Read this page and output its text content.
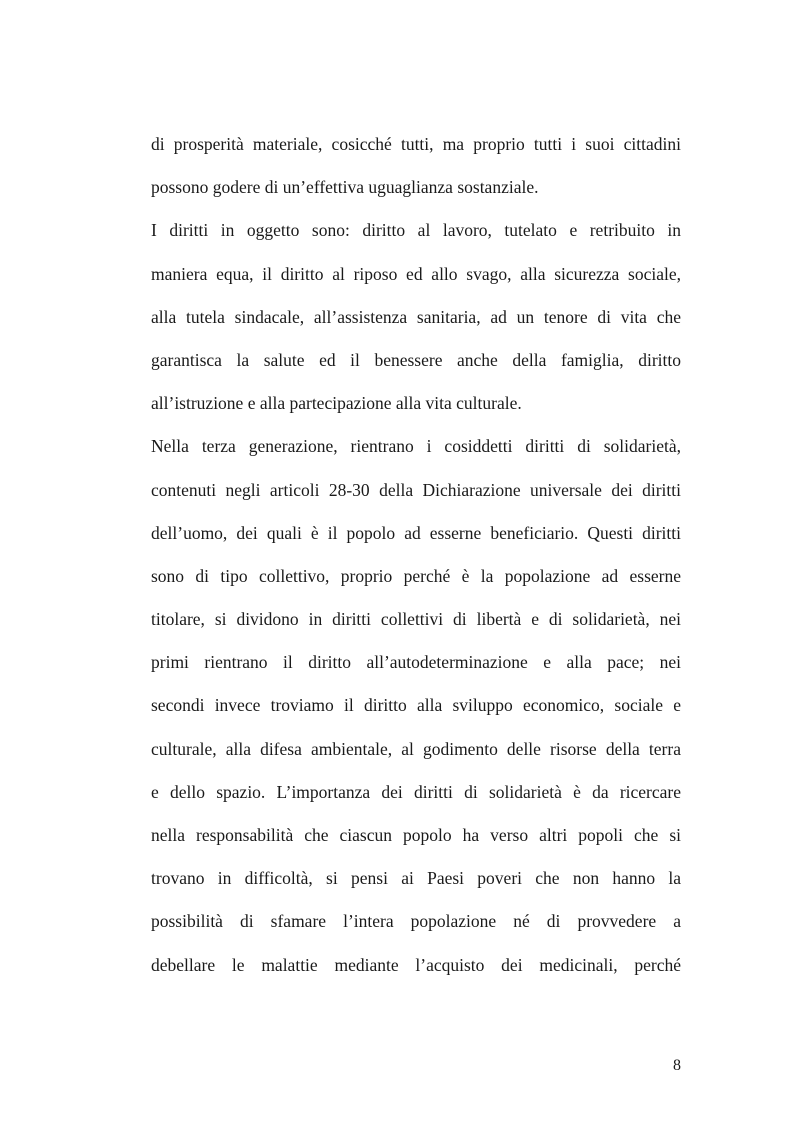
di prosperità materiale, cosicché tutti, ma proprio tutti i suoi cittadini
possono godere di un’effettiva uguaglianza sostanziale.
I diritti in oggetto sono: diritto al lavoro, tutelato e retribuito in
maniera equa, il diritto al riposo ed allo svago, alla sicurezza sociale,
alla tutela sindacale, all’assistenza sanitaria, ad un tenore di vita che
garantisca la salute ed il benessere anche della famiglia, diritto
all’istruzione e alla partecipazione alla vita culturale.
Nella terza generazione, rientrano i cosiddetti diritti di solidarietà,
contenuti negli articoli 28-30 della Dichiarazione universale dei diritti
dell’uomo, dei quali è il popolo ad esserne beneficiario. Questi diritti
sono di tipo collettivo, proprio perché è la popolazione ad esserne
titolare, si dividono in diritti collettivi di libertà e di solidarietà, nei
primi rientrano il diritto all’autodeterminazione e alla pace; nei
secondi invece troviamo il diritto alla sviluppo economico, sociale e
culturale, alla difesa ambientale, al godimento delle risorse della terra
e dello spazio. L’importanza dei diritti di solidarietà è da ricercare
nella responsabilità che ciascun popolo ha verso altri popoli che si
trovano in difficoltà, si pensi ai Paesi poveri che non hanno la
possibilità di sfamare l’intera popolazione né di provvedere a
debellare le malattie mediante l’acquisto dei medicinali, perché
8
